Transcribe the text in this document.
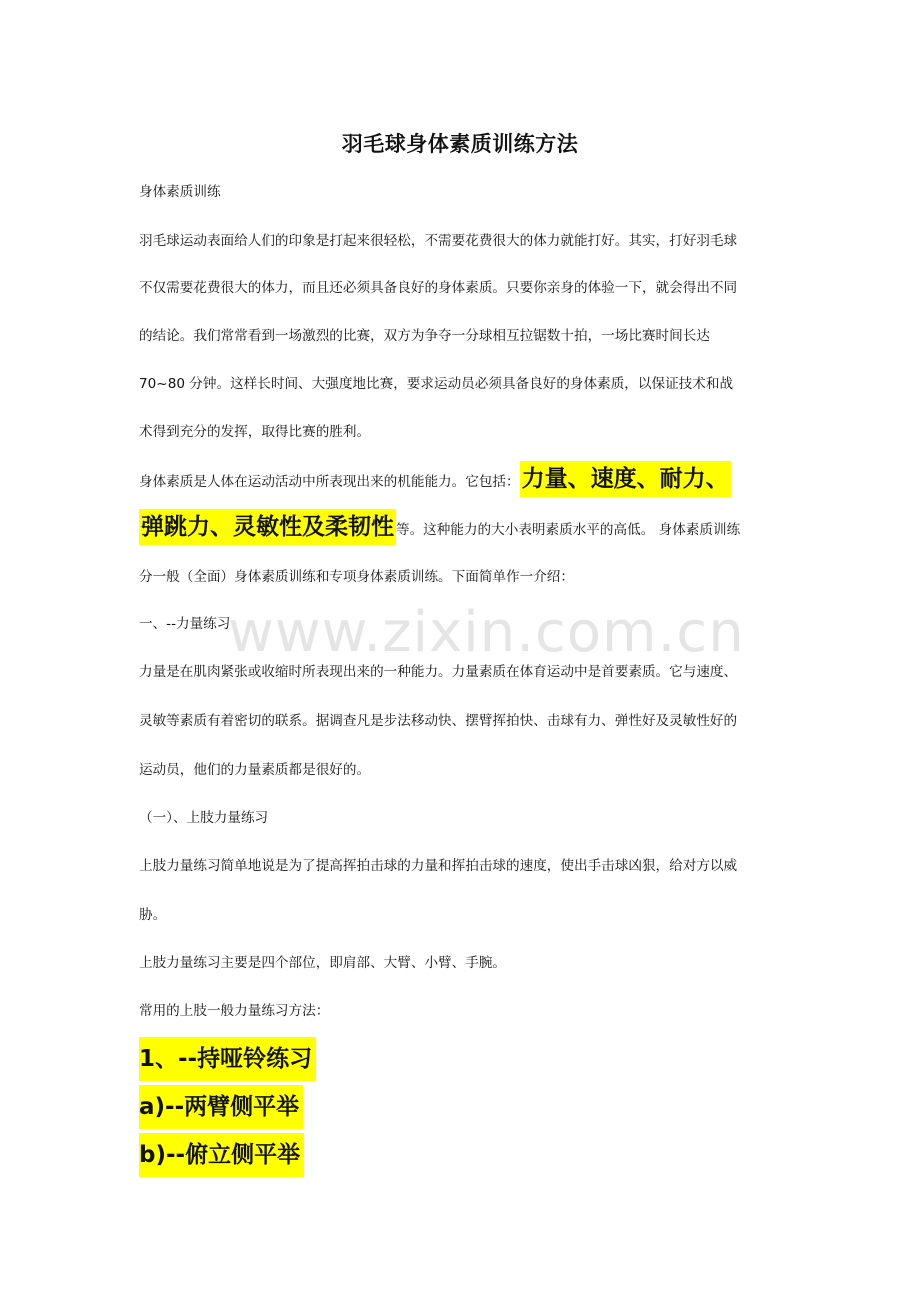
羽毛球身体素质训练方法
身体素质训练
羽毛球运动表面给人们的印象是打起来很轻松，不需要花费很大的体力就能打好。其实，打好羽毛球
不仅需要花费很大的体力，而且还必须具备良好的身体素质。只要你亲身的体验一下，就会得出不同
的结论。我们常常看到一场激烈的比赛，双方为争夺一分球相互拉锯数十拍，一场比赛时间长达
70~80 分钟。这样长时间、大强度地比赛，要求运动员必须具备良好的身体素质，以保证技术和战
术得到充分的发挥，取得比赛的胜利。
身体素质是人体在运动活动中所表现出来的机能能力。它包括：力量、速度、耐力、
弹跳力、灵敏性及柔韧性 等。这种能力的大小表明素质水平的高低。 身体素质训练
分一般（全面）身体素质训练和专项身体素质训练。下面简单作一介绍：
一、--力量练习
力量是在肌肉紧张或收缩时所表现出来的一种能力。力量素质在体育运动中是首要素质。它与速度、
灵敏等素质有着密切的联系。据调查凡是步法移动快、摆臂挥拍快、击球有力、弹性好及灵敏性好的
运动员，他们的力量素质都是很好的。
（一）、上肢力量练习
上肢力量练习简单地说是为了提高挥拍击球的力量和挥拍击球的速度，使出手击球凶狠，给对方以威
胁。
上肢力量练习主要是四个部位，即肩部、大臂、小臂、手腕。
常用的上肢一般力量练习方法：
1、--持哑铃练习
a)--两臂侧平举
b)--俯立侧平举
www.zixin.com.cn
